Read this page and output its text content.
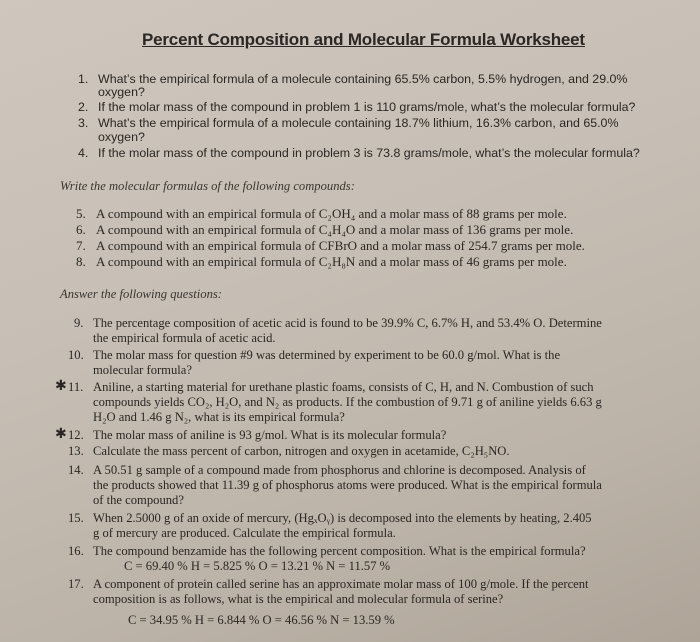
Percent Composition and Molecular Formula Worksheet
1. What’s the empirical formula of a molecule containing 65.5% carbon, 5.5% hydrogen, and 29.0%
oxygen?
2. If the molar mass of the compound in problem 1 is 110 grams/mole, what’s the molecular formula?
3. What’s the empirical formula of a molecule containing 18.7% lithium, 16.3% carbon, and 65.0%
oxygen?
4. If the molar mass of the compound in problem 3 is 73.8 grams/mole, what’s the molecular formula?
Write the molecular formulas of the following compounds:
5. A compound with an empirical formula of C₂OH₄ and a molar mass of 88 grams per mole.
6. A compound with an empirical formula of C₄H₄O and a molar mass of 136 grams per mole.
7. A compound with an empirical formula of CFBrO and a molar mass of 254.7 grams per mole.
8. A compound with an empirical formula of C₂H₈N and a molar mass of 46 grams per mole.
Answer the following questions:
9. The percentage composition of acetic acid is found to be 39.9% C, 6.7% H, and 53.4% O. Determine
the empirical formula of acetic acid.
10. The molar mass for question #9 was determined by experiment to be 60.0 g/mol. What is the
molecular formula?
✱ 11. Aniline, a starting material for urethane plastic foams, consists of C, H, and N. Combustion of such
compounds yields CO₂, H₂O, and N₂ as products. If the combustion of 9.71 g of aniline yields 6.63 g
H₂O and 1.46 g N₂, what is its empirical formula?
✱ 12. The molar mass of aniline is 93 g/mol. What is its molecular formula?
13. Calculate the mass percent of carbon, nitrogen and oxygen in acetamide, C₂H₅NO.
14. A 50.51 g sample of a compound made from phosphorus and chlorine is decomposed. Analysis of
the products showed that 11.39 g of phosphorus atoms were produced. What is the empirical formula
of the compound?
15. When 2.5000 g of an oxide of mercury, (HgₓOᵧ) is decomposed into the elements by heating, 2.405
g of mercury are produced. Calculate the empirical formula.
16. The compound benzamide has the following percent composition. What is the empirical formula?
C = 69.40 % H = 5.825 % O = 13.21 % N = 11.57 %
17. A component of protein called serine has an approximate molar mass of 100 g/mole. If the percent
composition is as follows, what is the empirical and molecular formula of serine?
C = 34.95 % H = 6.844 % O = 46.56 % N = 13.59 %
